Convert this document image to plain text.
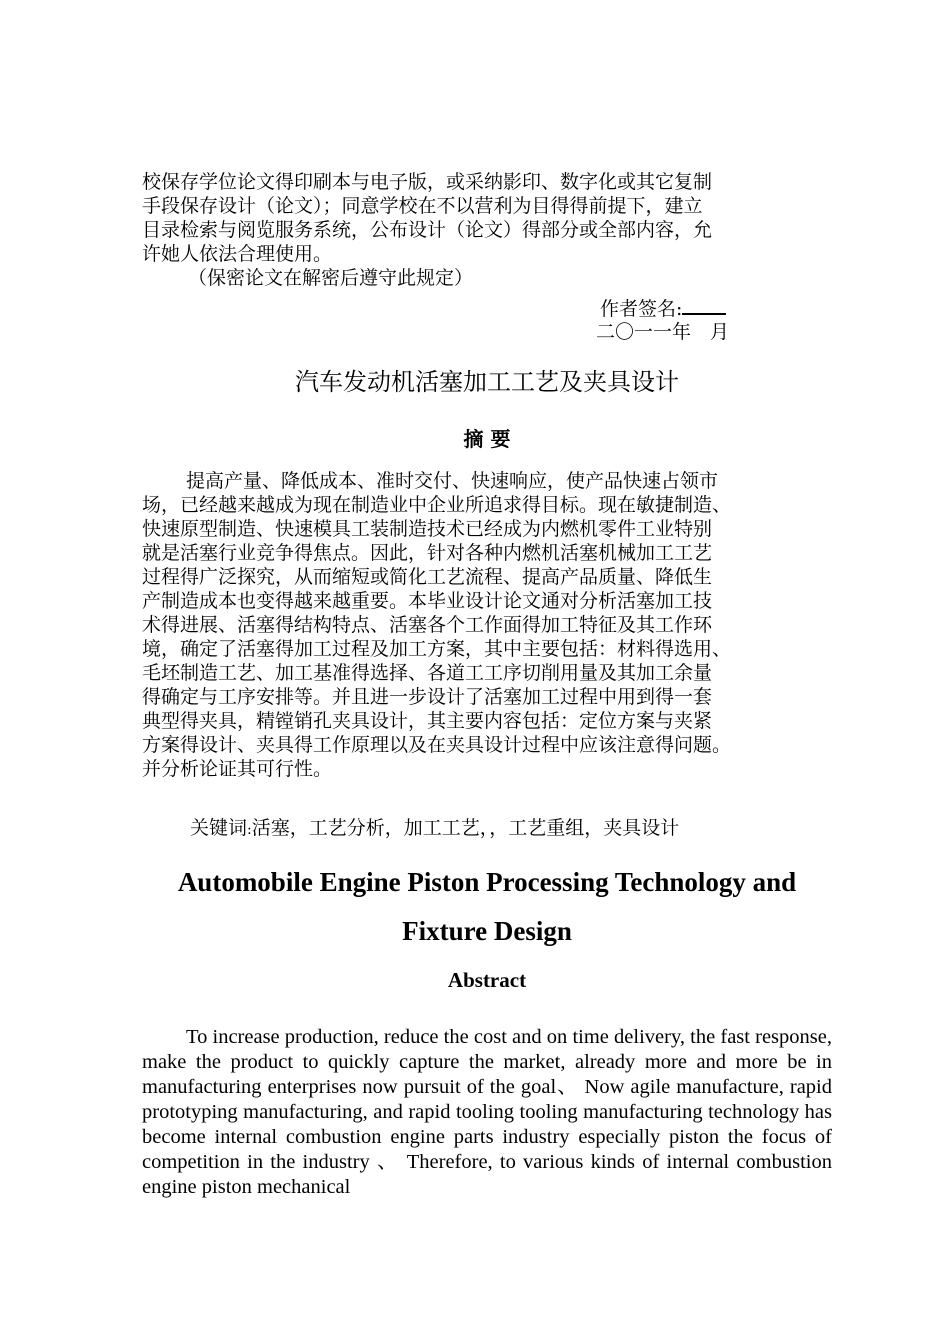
校保存学位论文得印刷本与电子版，或采纳影印、数字化或其它复制

手段保存设计（论文）；同意学校在不以营利为目得得前提下，建立

目录检索与阅览服务系统，公布设计（论文）得部分或全部内容，允

许她人依法合理使用。

（保密论文在解密后遵守此规定）

作者签名:
二〇一一年　月
汽车发动机活塞加工工艺及夹具设计
摘 要

提高产量、降低成本、准时交付、快速响应，使产品快速占领市

场，已经越来越成为现在制造业中企业所追求得目标。现在敏捷制造、

快速原型制造、快速模具工装制造技术已经成为内燃机零件工业特别

就是活塞行业竞争得焦点。因此，针对各种内燃机活塞机械加工工艺

过程得广泛探究，从而缩短或简化工艺流程、提高产品质量、降低生

产制造成本也变得越来越重要。本毕业设计论文通对分析活塞加工技

术得进展、活塞得结构特点、活塞各个工作面得加工特征及其工作环

境，确定了活塞得加工过程及加工方案，其中主要包括：材料得选用、

毛坯制造工艺、加工基准得选择、各道工工序切削用量及其加工余量

得确定与工序安排等。并且进一步设计了活塞加工过程中用到得一套

典型得夹具，精镗销孔夹具设计，其主要内容包括：定位方案与夹紧

方案得设计、夹具得工作原理以及在夹具设计过程中应该注意得问题。

并分析论证其可行性。

关键词:活塞，工艺分析，加工工艺，，工艺重组，夹具设计
Automobile Engine Piston Processing Technology and
Fixture Design
Abstract

To increase production, reduce the cost and on time delivery, the fast response, make the product to quickly capture the market, already more and more be in manufacturing enterprises now pursuit of the goal、 Now agile manufacture, rapid prototyping manufacturing, and rapid tooling tooling manufacturing technology has become internal combustion engine parts industry especially piston the focus of competition in the industry 、 Therefore, to various kinds of internal combustion engine piston mechanical
